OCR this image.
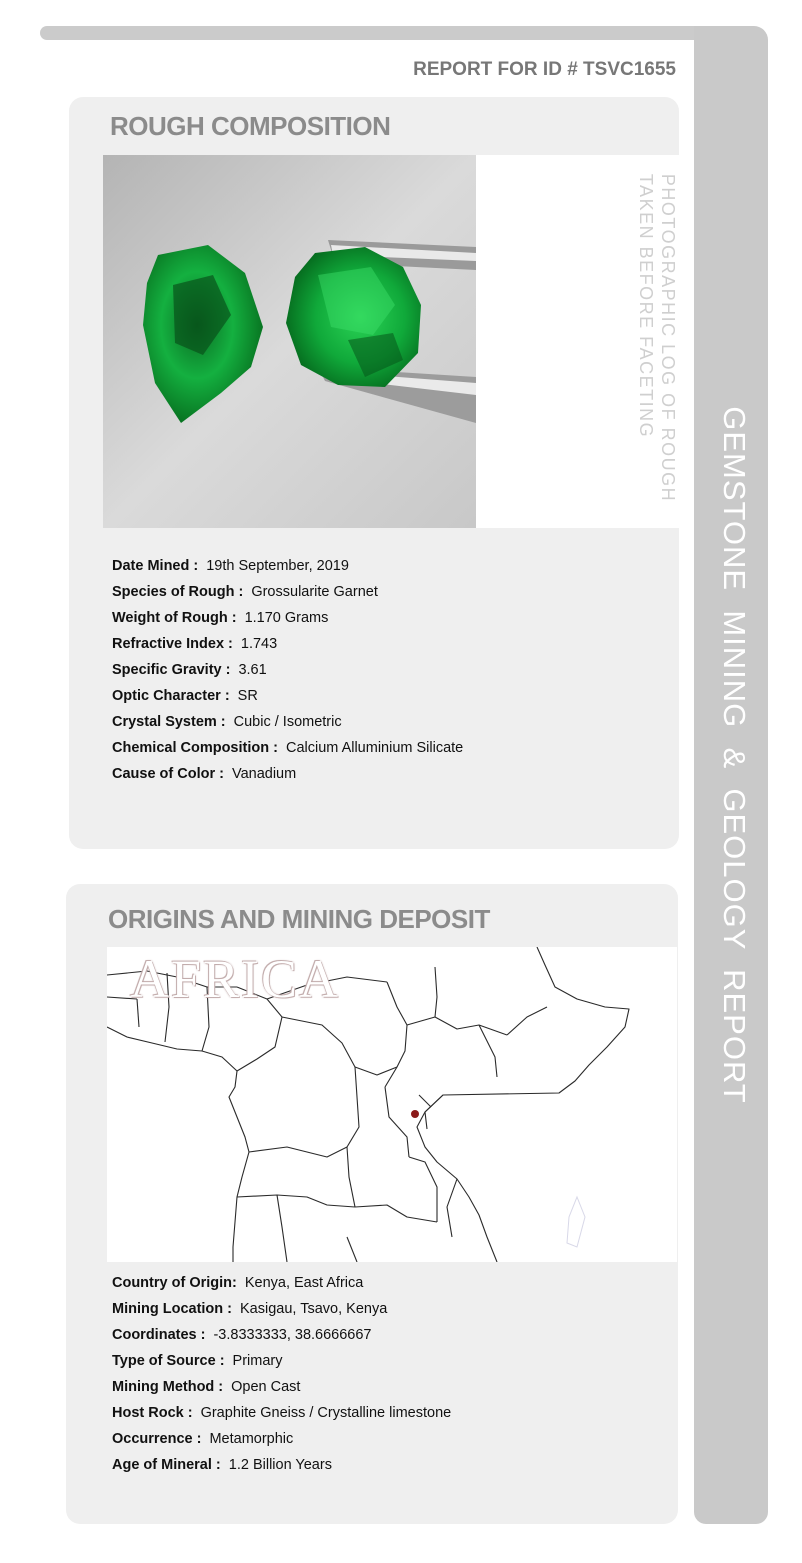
GEMSTONE  MINING  &  GEOLOGY  REPORT
REPORT FOR ID # TSVC1655
ROUGH COMPOSITION
PHOTOGRAPHIC LOG OF ROUGH
TAKEN BEFORE FACETING
Date Mined : 19th September, 2019
Species of Rough : Grossularite Garnet
Weight of Rough : 1.170 Grams
Refractive Index : 1.743
Specific Gravity : 3.61
Optic Character : SR
Crystal System : Cubic / Isometric
Chemical Composition : Calcium Alluminium Silicate
Cause of Color : Vanadium
ORIGINS AND MINING DEPOSIT
AFRICA
Country of Origin: Kenya, East Africa
Mining Location : Kasigau, Tsavo, Kenya
Coordinates : -3.8333333, 38.6666667
Type of Source : Primary
Mining Method : Open Cast
Host Rock : Graphite Gneiss / Crystalline limestone
Occurrence : Metamorphic
Age of Mineral : 1.2 Billion Years
